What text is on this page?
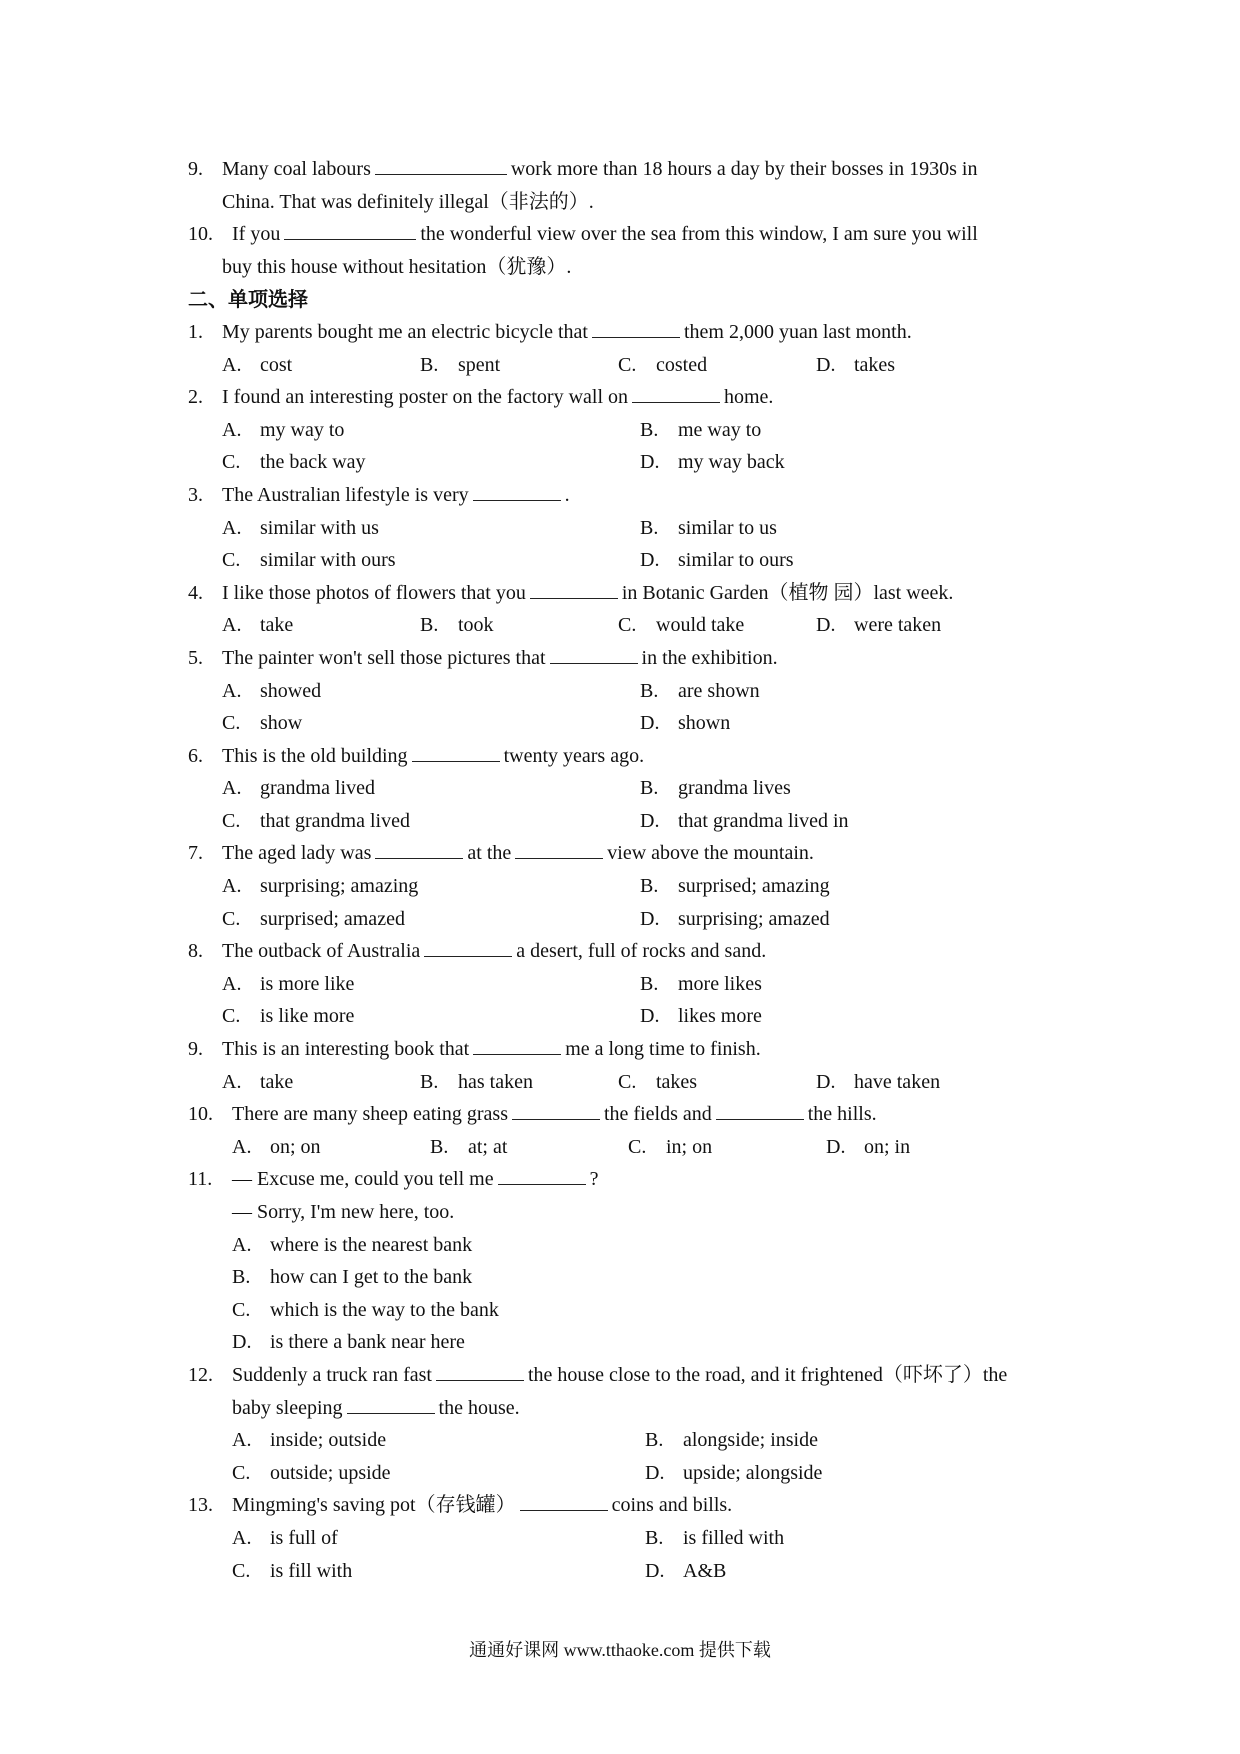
9. Many coal labours	work more than 18 hours a day by their bosses in 1930s in
China. That was definitely illegal（非法的）.
10. If you	the wonderful view over the sea from this window, I am sure you will
buy this house without hesitation（犹豫）.
二、单项选择
1. My parents bought me an electric bicycle that	them 2,000 yuan last month.
A. cost	B. spent	C. costed	D. takes
2. I found an interesting poster on the factory wall on	home.
A. my way to	B. me way to
C. the back way	D. my way back
3. The Australian lifestyle is very	.
A. similar with us	B. similar to us
C. similar with ours	D. similar to ours
4. I like those photos of flowers that you	in Botanic Garden（植物 园）last week.
A. take	B. took	C. would take	D. were taken
5. The painter won't sell those pictures that	in the exhibition.
A. showed	B. are shown
C. show	D. shown
6. This is the old building	twenty years ago.
A. grandma lived	B. grandma lives
C. that grandma lived	D. that grandma lived in
7. The aged lady was	at the	view above the mountain.
A. surprising; amazing	B. surprised; amazing
C. surprised; amazed	D. surprising; amazed
8. The outback of Australia	a desert, full of rocks and sand.
A. is more like	B. more likes
C. is like more	D. likes more
9. This is an interesting book that	me a long time to finish.
A. take	B. has taken	C. takes	D. have taken
10. There are many sheep eating grass	the fields and	the hills.
A. on; on	B. at; at	C. in; on	D. on; in
11. — Excuse me, could you tell me	?
— Sorry, I'm new here, too.
A. where is the nearest bank
B. how can I get to the bank
C. which is the way to the bank
D. is there a bank near here
12. Suddenly a truck ran fast	the house close to the road, and it frightened（吓坏了）the
baby sleeping	the house.
A. inside; outside	B. alongside; inside
C. outside; upside	D. upside; alongside
13. Mingming's saving pot（存钱罐）	coins and bills.
A. is full of	B. is filled with
C. is fill with	D. A&B
通通好课网 www.tthaoke.com 提供下载
